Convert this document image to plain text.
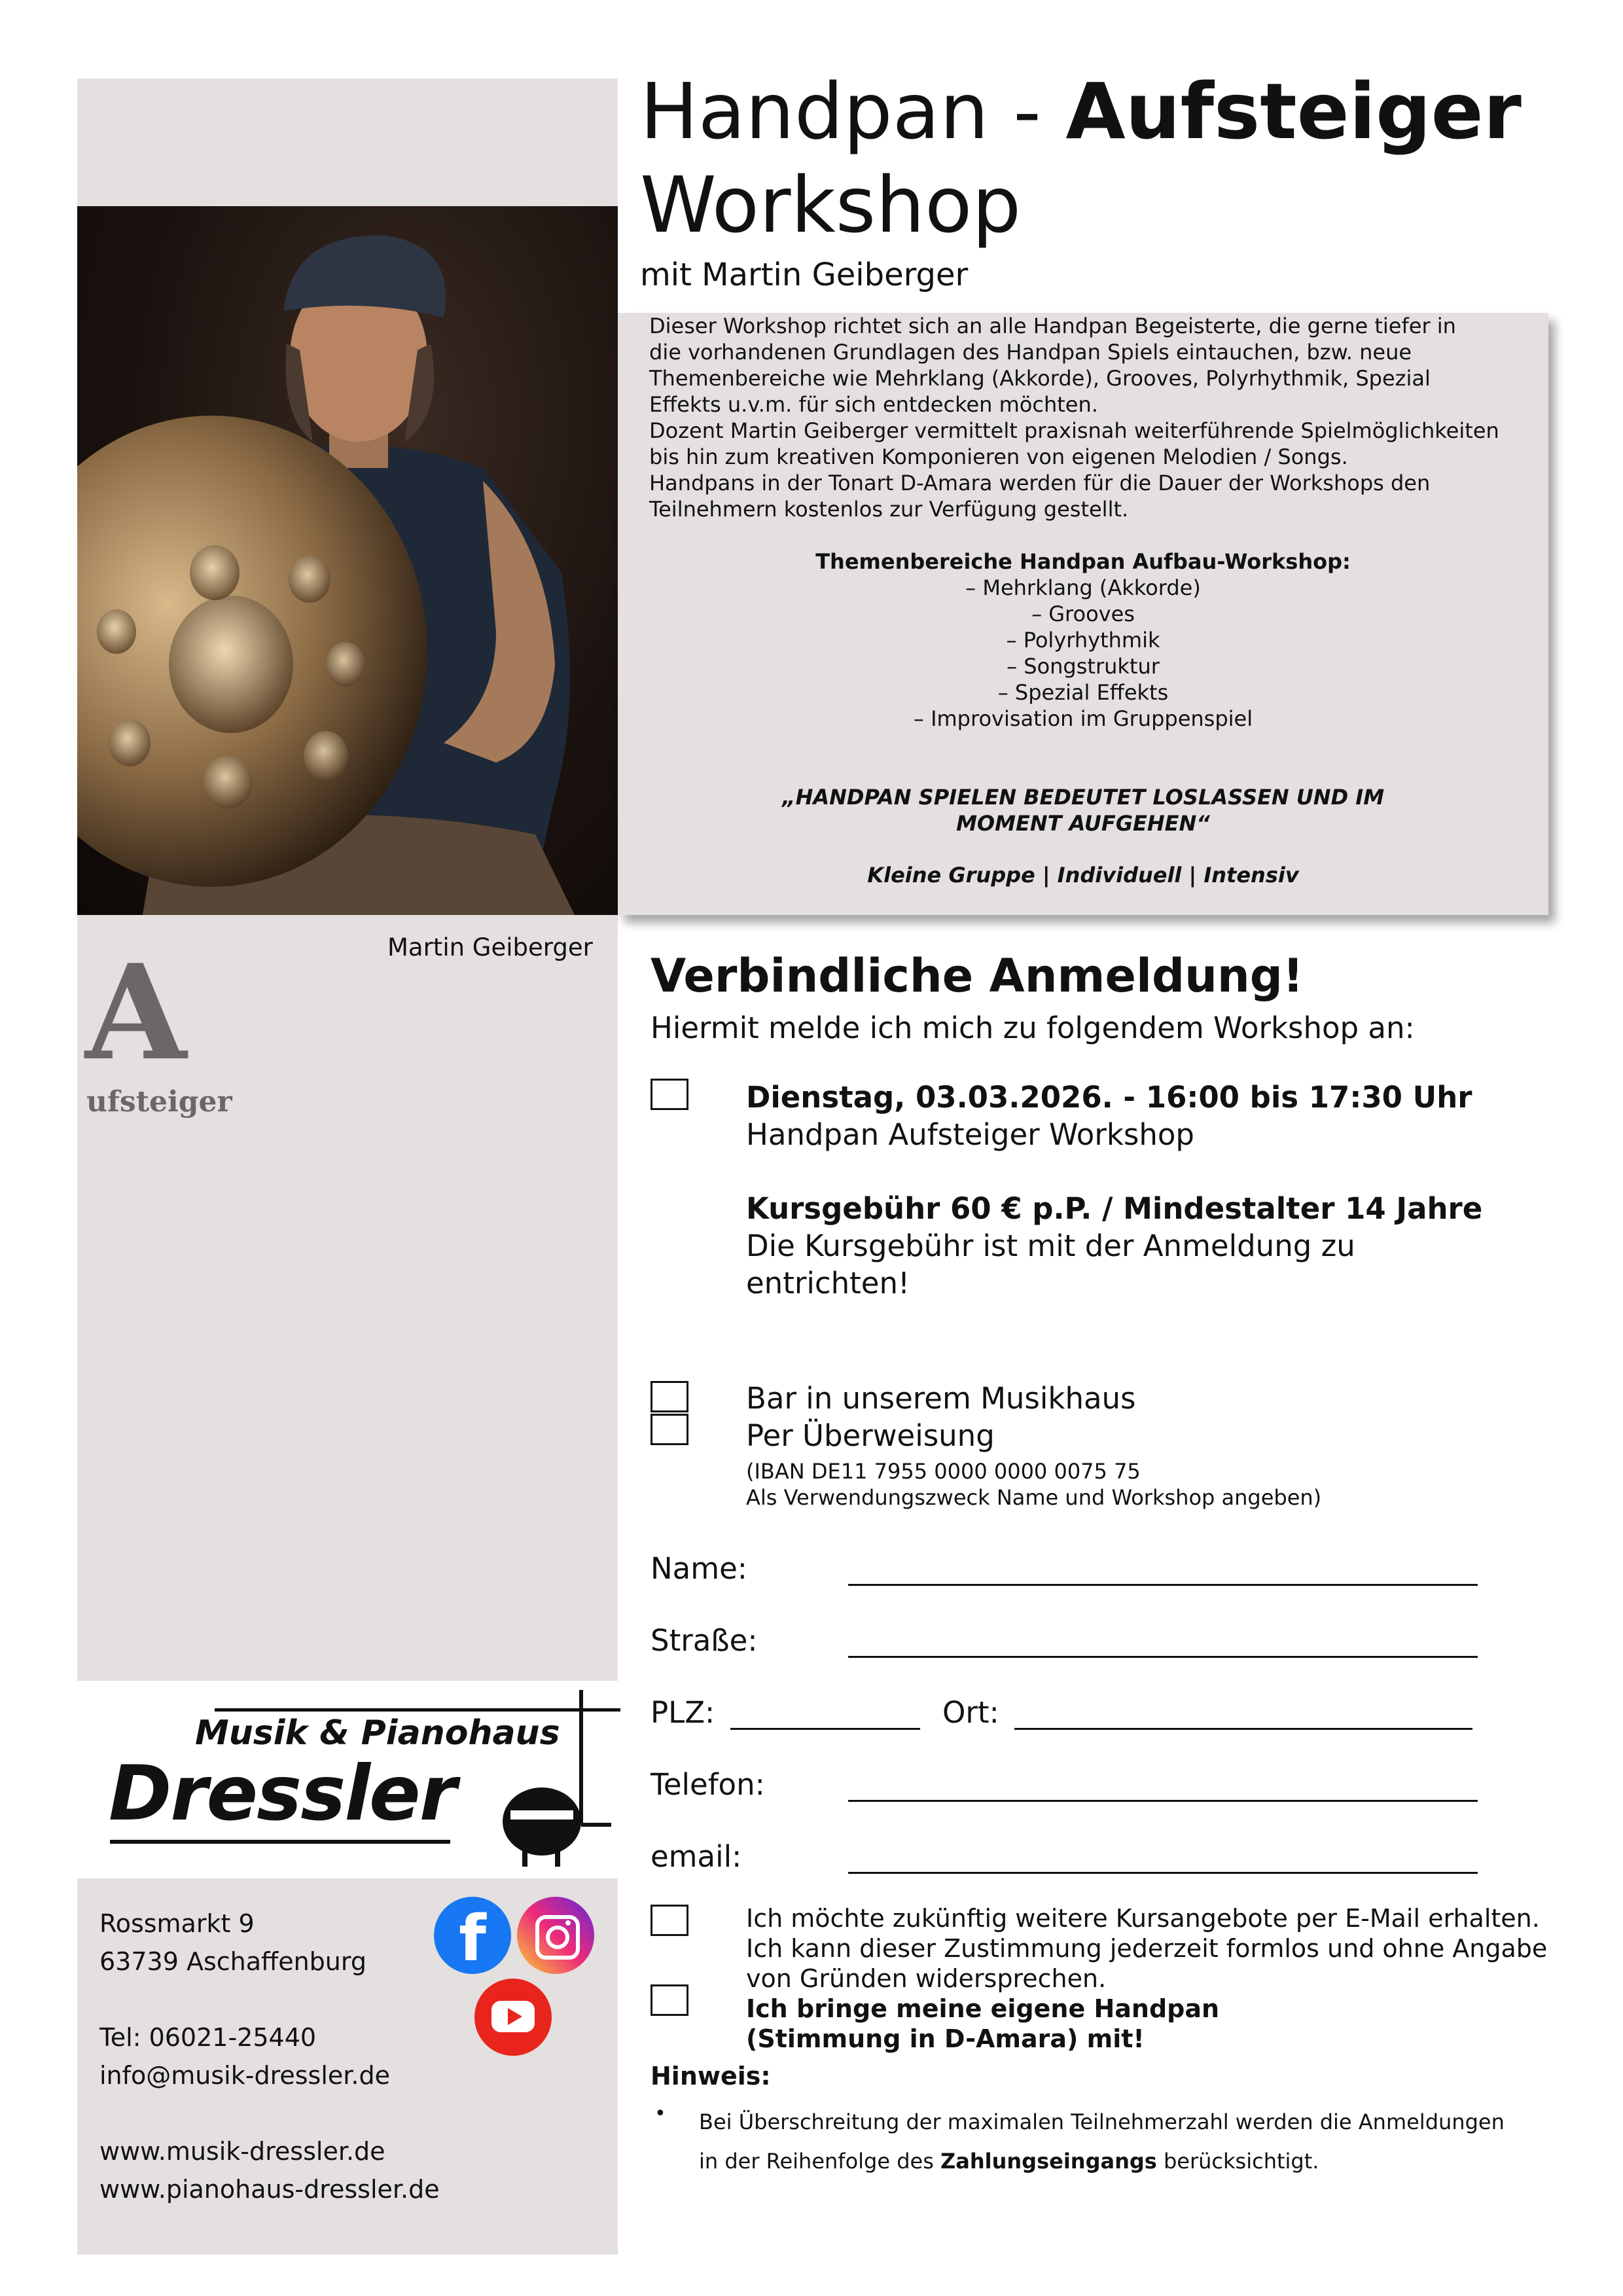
Martin Geiberger
A
ufsteiger
Musik & Pianohaus
Dressler
Rossmarkt 9
63739 Aschaffenburg
Tel: 06021-25440
info@musik-dressler.de
www.musik-dressler.de
www.pianohaus-dressler.de
f
Handpan - Aufsteiger
Workshop
mit Martin Geiberger
Dieser Workshop richtet sich an alle Handpan Begeisterte, die gerne tiefer in
die vorhandenen Grundlagen des Handpan Spiels eintauchen, bzw. neue
Themenbereiche wie Mehrklang (Akkorde), Grooves, Polyrhythmik, Spezial
Effekts u.v.m. für sich entdecken möchten.
Dozent Martin Geiberger vermittelt praxisnah weiterführende Spielmöglichkeiten
bis hin zum kreativen Komponieren von eigenen Melodien / Songs.
Handpans in der Tonart D-Amara werden für die Dauer der Workshops den
Teilnehmern kostenlos zur Verfügung gestellt.
Themenbereiche Handpan Aufbau-Workshop:
– Mehrklang (Akkorde)
– Grooves
– Polyrhythmik
– Songstruktur
– Spezial Effekts
– Improvisation im Gruppenspiel
„HANDPAN SPIELEN BEDEUTET LOSLASSEN UND IM
MOMENT AUFGEHEN“
Kleine Gruppe | Individuell | Intensiv
Verbindliche Anmeldung!
Hiermit melde ich mich zu folgendem Workshop an:
Dienstag, 03.03.2026. - 16:00 bis 17:30 Uhr
Handpan Aufsteiger Workshop
Kursgebühr 60 € p.P. / Mindestalter 14 Jahre
Die Kursgebühr ist mit der Anmeldung zu
entrichten!
Bar in unserem Musikhaus
Per Überweisung
(IBAN DE11 7955 0000 0000 0075 75
Als Verwendungszweck Name und Workshop angeben)
Name:
Straße:
PLZ:	Ort:
Telefon:
email:
Ich möchte zukünftig weitere Kursangebote per E-Mail erhalten.
Ich kann dieser Zustimmung jederzeit formlos und ohne Angabe
von Gründen widersprechen.
Ich bringe meine eigene Handpan
(Stimmung in D-Amara) mit!
Hinweis:
• Bei Überschreitung der maximalen Teilnehmerzahl werden die Anmeldungen
in der Reihenfolge des Zahlungseingangs berücksichtigt.
